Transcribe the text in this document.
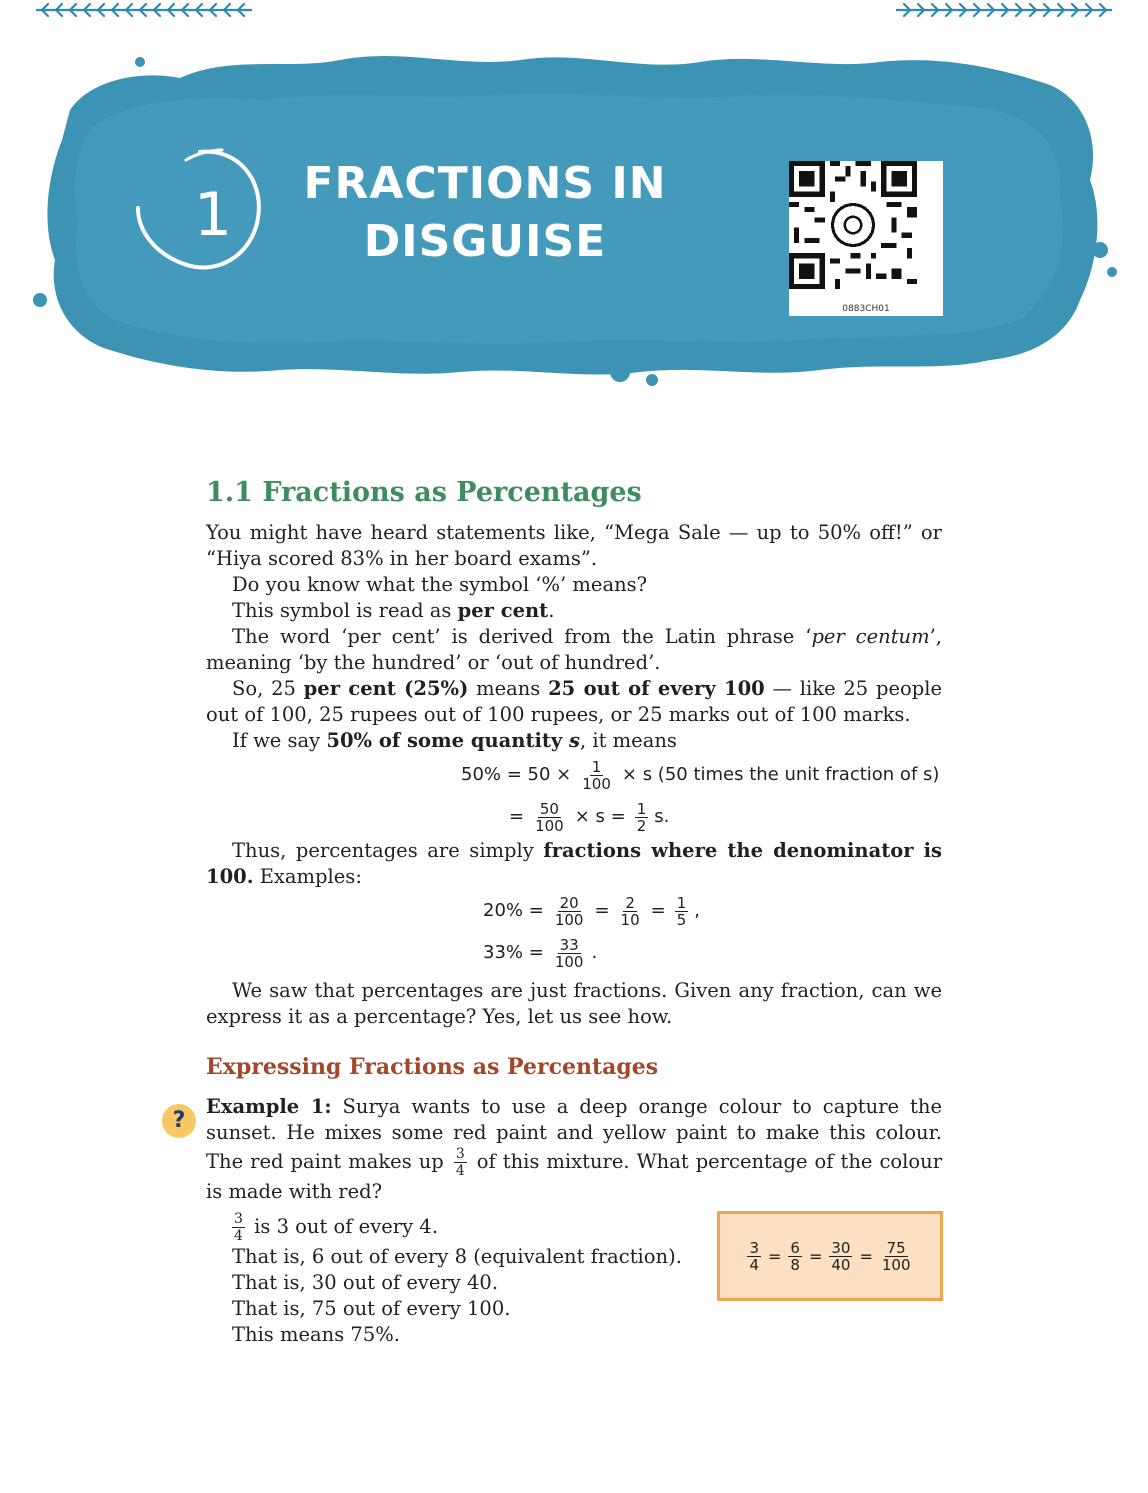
1	FRACTIONS IN
DISGUISE
0883CH01
1.1 Fractions as Percentages

You might have heard statements like, “Mega Sale — up to 50% off!” or “Hiya scored 83% in her board exams”.

Do you know what the symbol ‘%’ means?

This symbol is read as per cent.

The word ‘per cent’ is derived from the Latin phrase ‘per centum’, meaning ‘by the hundred’ or ‘out of hundred’.

So, 25 per cent (25%) means 25 out of every 100 — like 25 people out of 100, 25 rupees out of 100 rupees, or 25 marks out of 100 marks.

If we say 50% of some quantity s, it means

$50\% = 50 \times \frac{1}{100} \times s$ (50 times the unit fraction of s)
= $\frac{50}{100} \times s = \frac{1}{2} s$.

Thus, percentages are simply fractions where the denominator is 100. Examples:

$20\% = \frac{20}{100} = \frac{2}{10} = \frac{1}{5}$ ,
$33\% = \frac{33}{100}$ .

We saw that percentages are just fractions. Given any fraction, can we express it as a percentage? Yes, let us see how.

Expressing Fractions as Percentages

Example 1: Surya wants to use a deep orange colour to capture the sunset. He mixes some red paint and yellow paint to make this colour. The red paint makes up $\frac{3}{4}$ of this mixture. What percentage of the colour is made with red?

$\frac{3}{4}$ is 3 out of every 4.

That is, 6 out of every 8 (equivalent fraction).

That is, 30 out of every 40.

That is, 75 out of every 100.

This means 75%.

?
$\frac{3}{4} = \frac{6}{8} = \frac{30}{40} = \frac{75}{100}$
